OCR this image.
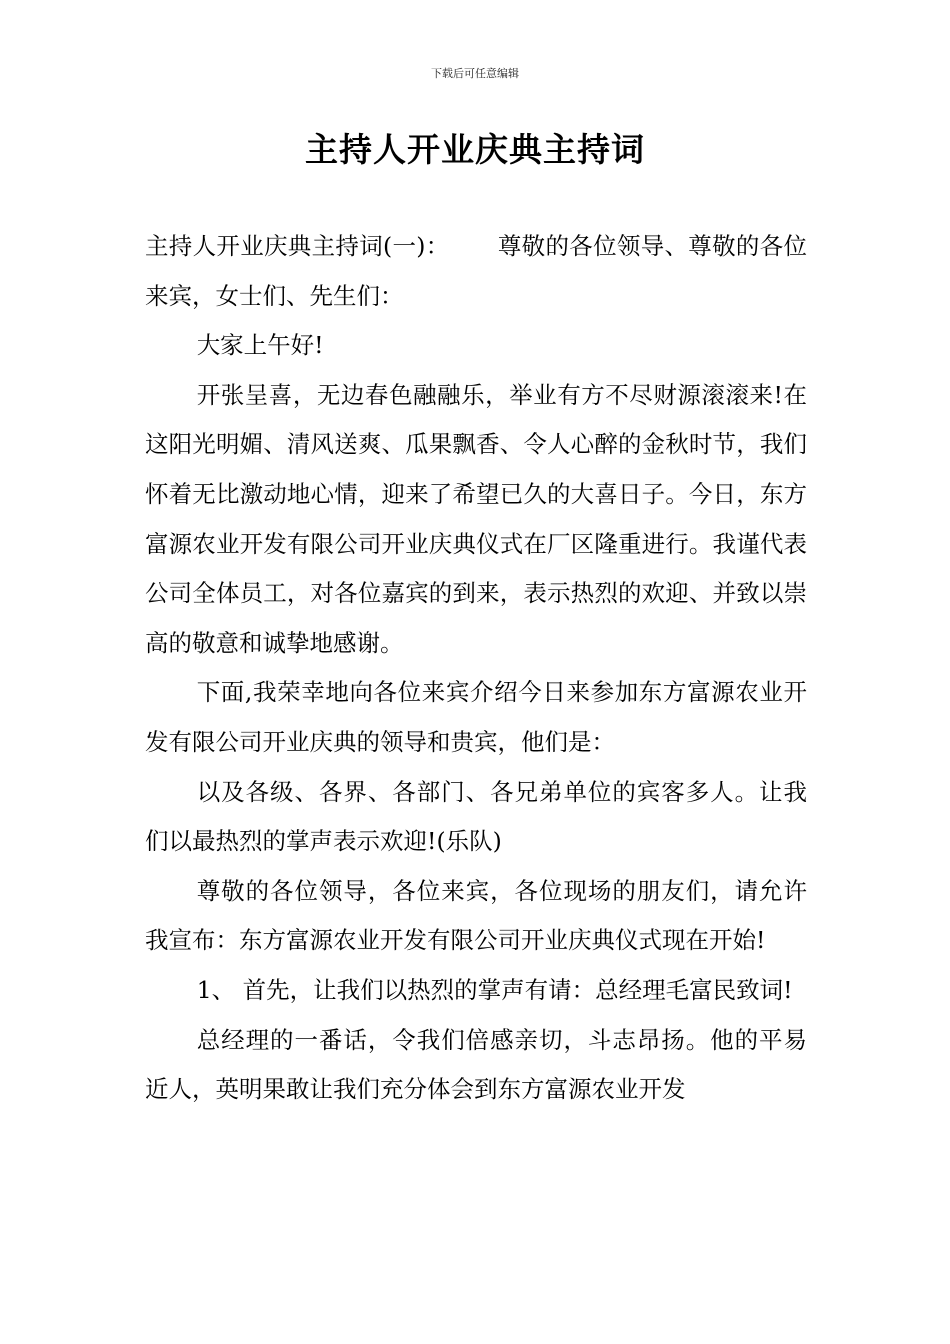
下载后可任意编辑
主持人开业庆典主持词

主持人开业庆典主持词(一)： 尊敬的各位领导、尊敬的各位来宾，女士们、先生们：

大家上午好!

开张呈喜，无边春色融融乐，举业有方不尽财源滚滚来!在这阳光明媚、清风送爽、瓜果飘香、令人心醉的金秋时节，我们怀着无比激动地心情，迎来了希望已久的大喜日子。今日，东方富源农业开发有限公司开业庆典仪式在厂区隆重进行。我谨代表公司全体员工，对各位嘉宾的到来，表示热烈的欢迎、并致以崇高的敬意和诚挚地感谢。

下面,我荣幸地向各位来宾介绍今日来参加东方富源农业开发有限公司开业庆典的领导和贵宾，他们是：

以及各级、各界、各部门、各兄弟单位的宾客多人。让我们以最热烈的掌声表示欢迎!(乐队)

尊敬的各位领导，各位来宾，各位现场的朋友们，请允许我宣布：东方富源农业开发有限公司开业庆典仪式现在开始!

1、 首先，让我们以热烈的掌声有请：总经理毛富民致词!

总经理的一番话，令我们倍感亲切，斗志昂扬。他的平易近人，英明果敢让我们充分体会到东方富源农业开发
